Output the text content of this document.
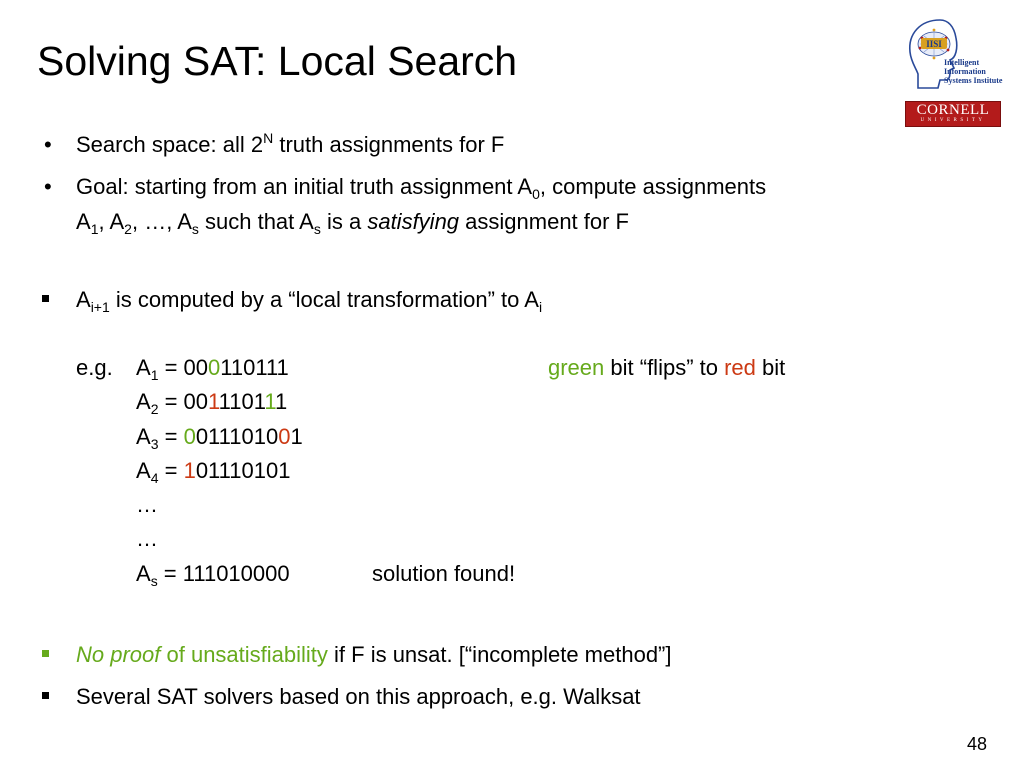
Solving SAT: Local Search	IISI
Intelligent Information
Systems Institute
CORNELL
UNIVERSITY
• Search space: all $2^N$ truth assignments for F
• Goal: starting from an initial truth assignment $A_0$, compute assignments
$A_1$, $A_2$, …, $A_s$ such that $A_s$ is a satisfying assignment for F
$A_{i+1}$ is computed by a “local transformation” to $A_i$
e.g. $A_1 = 000110111$	green bit “flips” to red bit
$A_2 = 001110111$
$A_3 = 0011101001$
$A_4 = 101110101$
…
…
$A_s = 111010000$	solution found!
No proof of unsatisfiability if F is unsat. [“incomplete method”]
Several SAT solvers based on this approach, e.g. Walksat
48
